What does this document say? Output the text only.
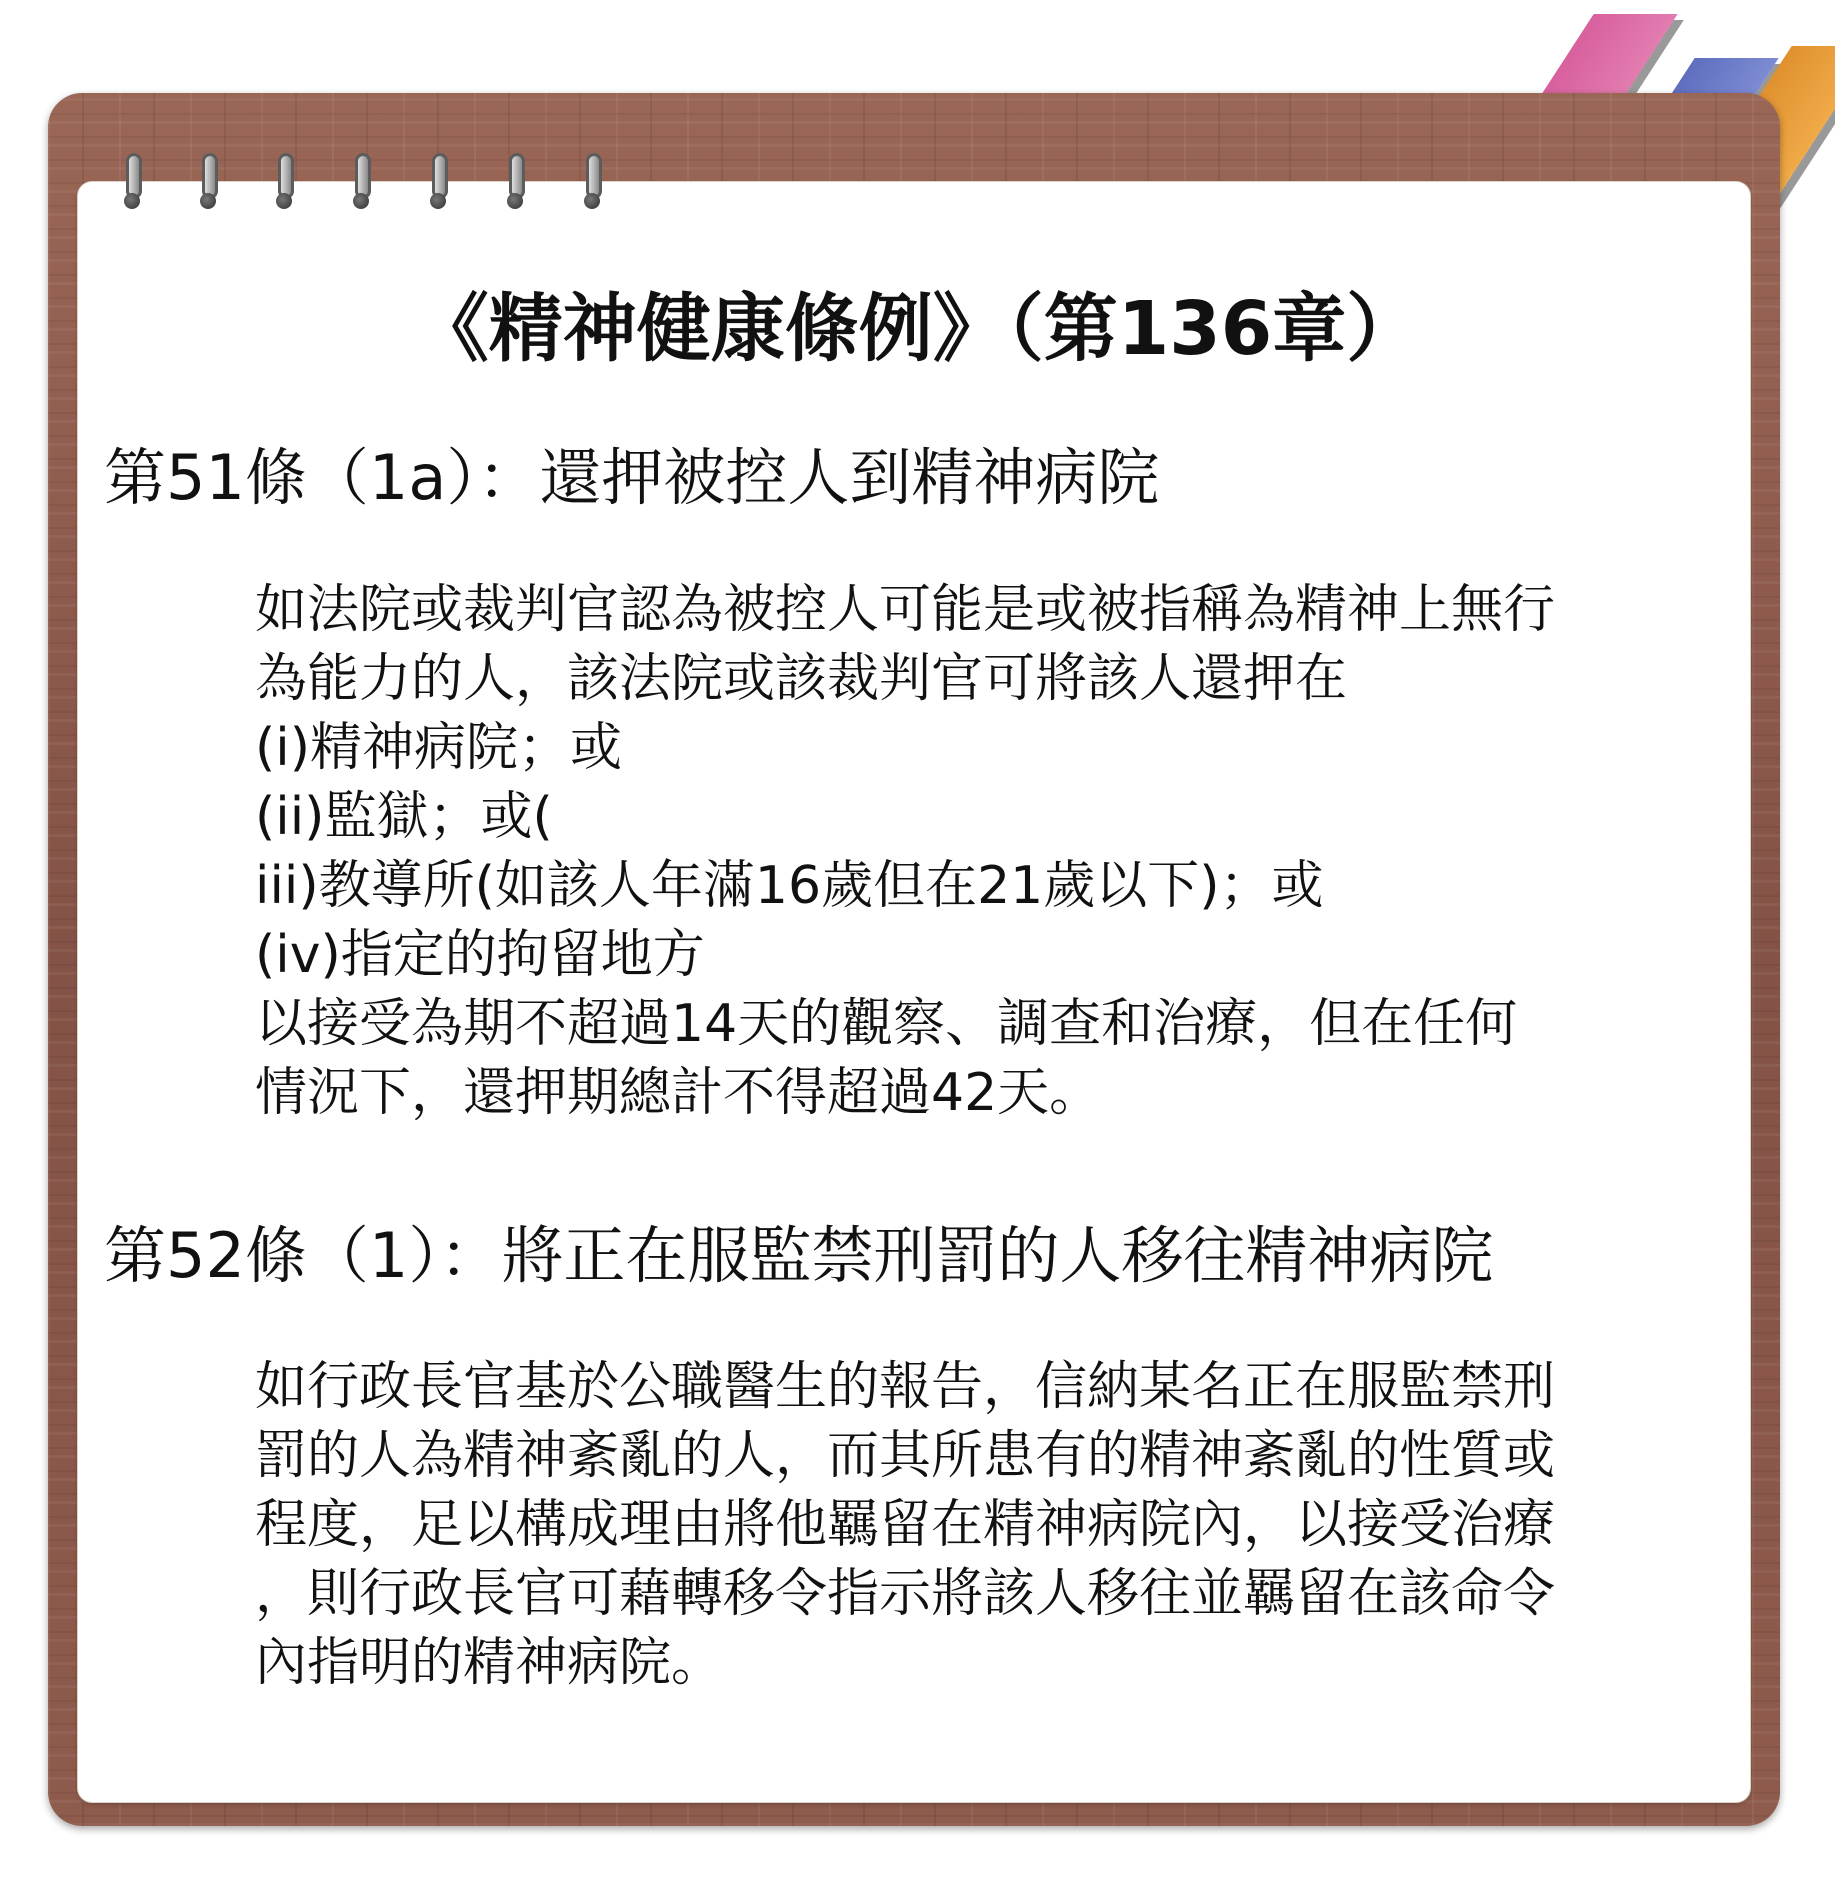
《精神健康條例》（第136章）
第51條（1a）：還押被控人到精神病院
如法院或裁判官認為被控人可能是或被指稱為精神上無行
為能力的人，該法院或該裁判官可將該人還押在
(i)精神病院；或
(ii)監獄；或(
iii)教導所(如該人年滿16歲但在21歲以下)；或
(iv)指定的拘留地方
以接受為期不超過14天的觀察、調查和治療，但在任何
情況下，還押期總計不得超過42天。
第52條（1）：將正在服監禁刑罰的人移往精神病院
如行政長官基於公職醫生的報告，信納某名正在服監禁刑
罰的人為精神紊亂的人，而其所患有的精神紊亂的性質或
程度，足以構成理由將他羈留在精神病院內，以接受治療
，則行政長官可藉轉移令指示將該人移往並羈留在該命令
內指明的精神病院。
